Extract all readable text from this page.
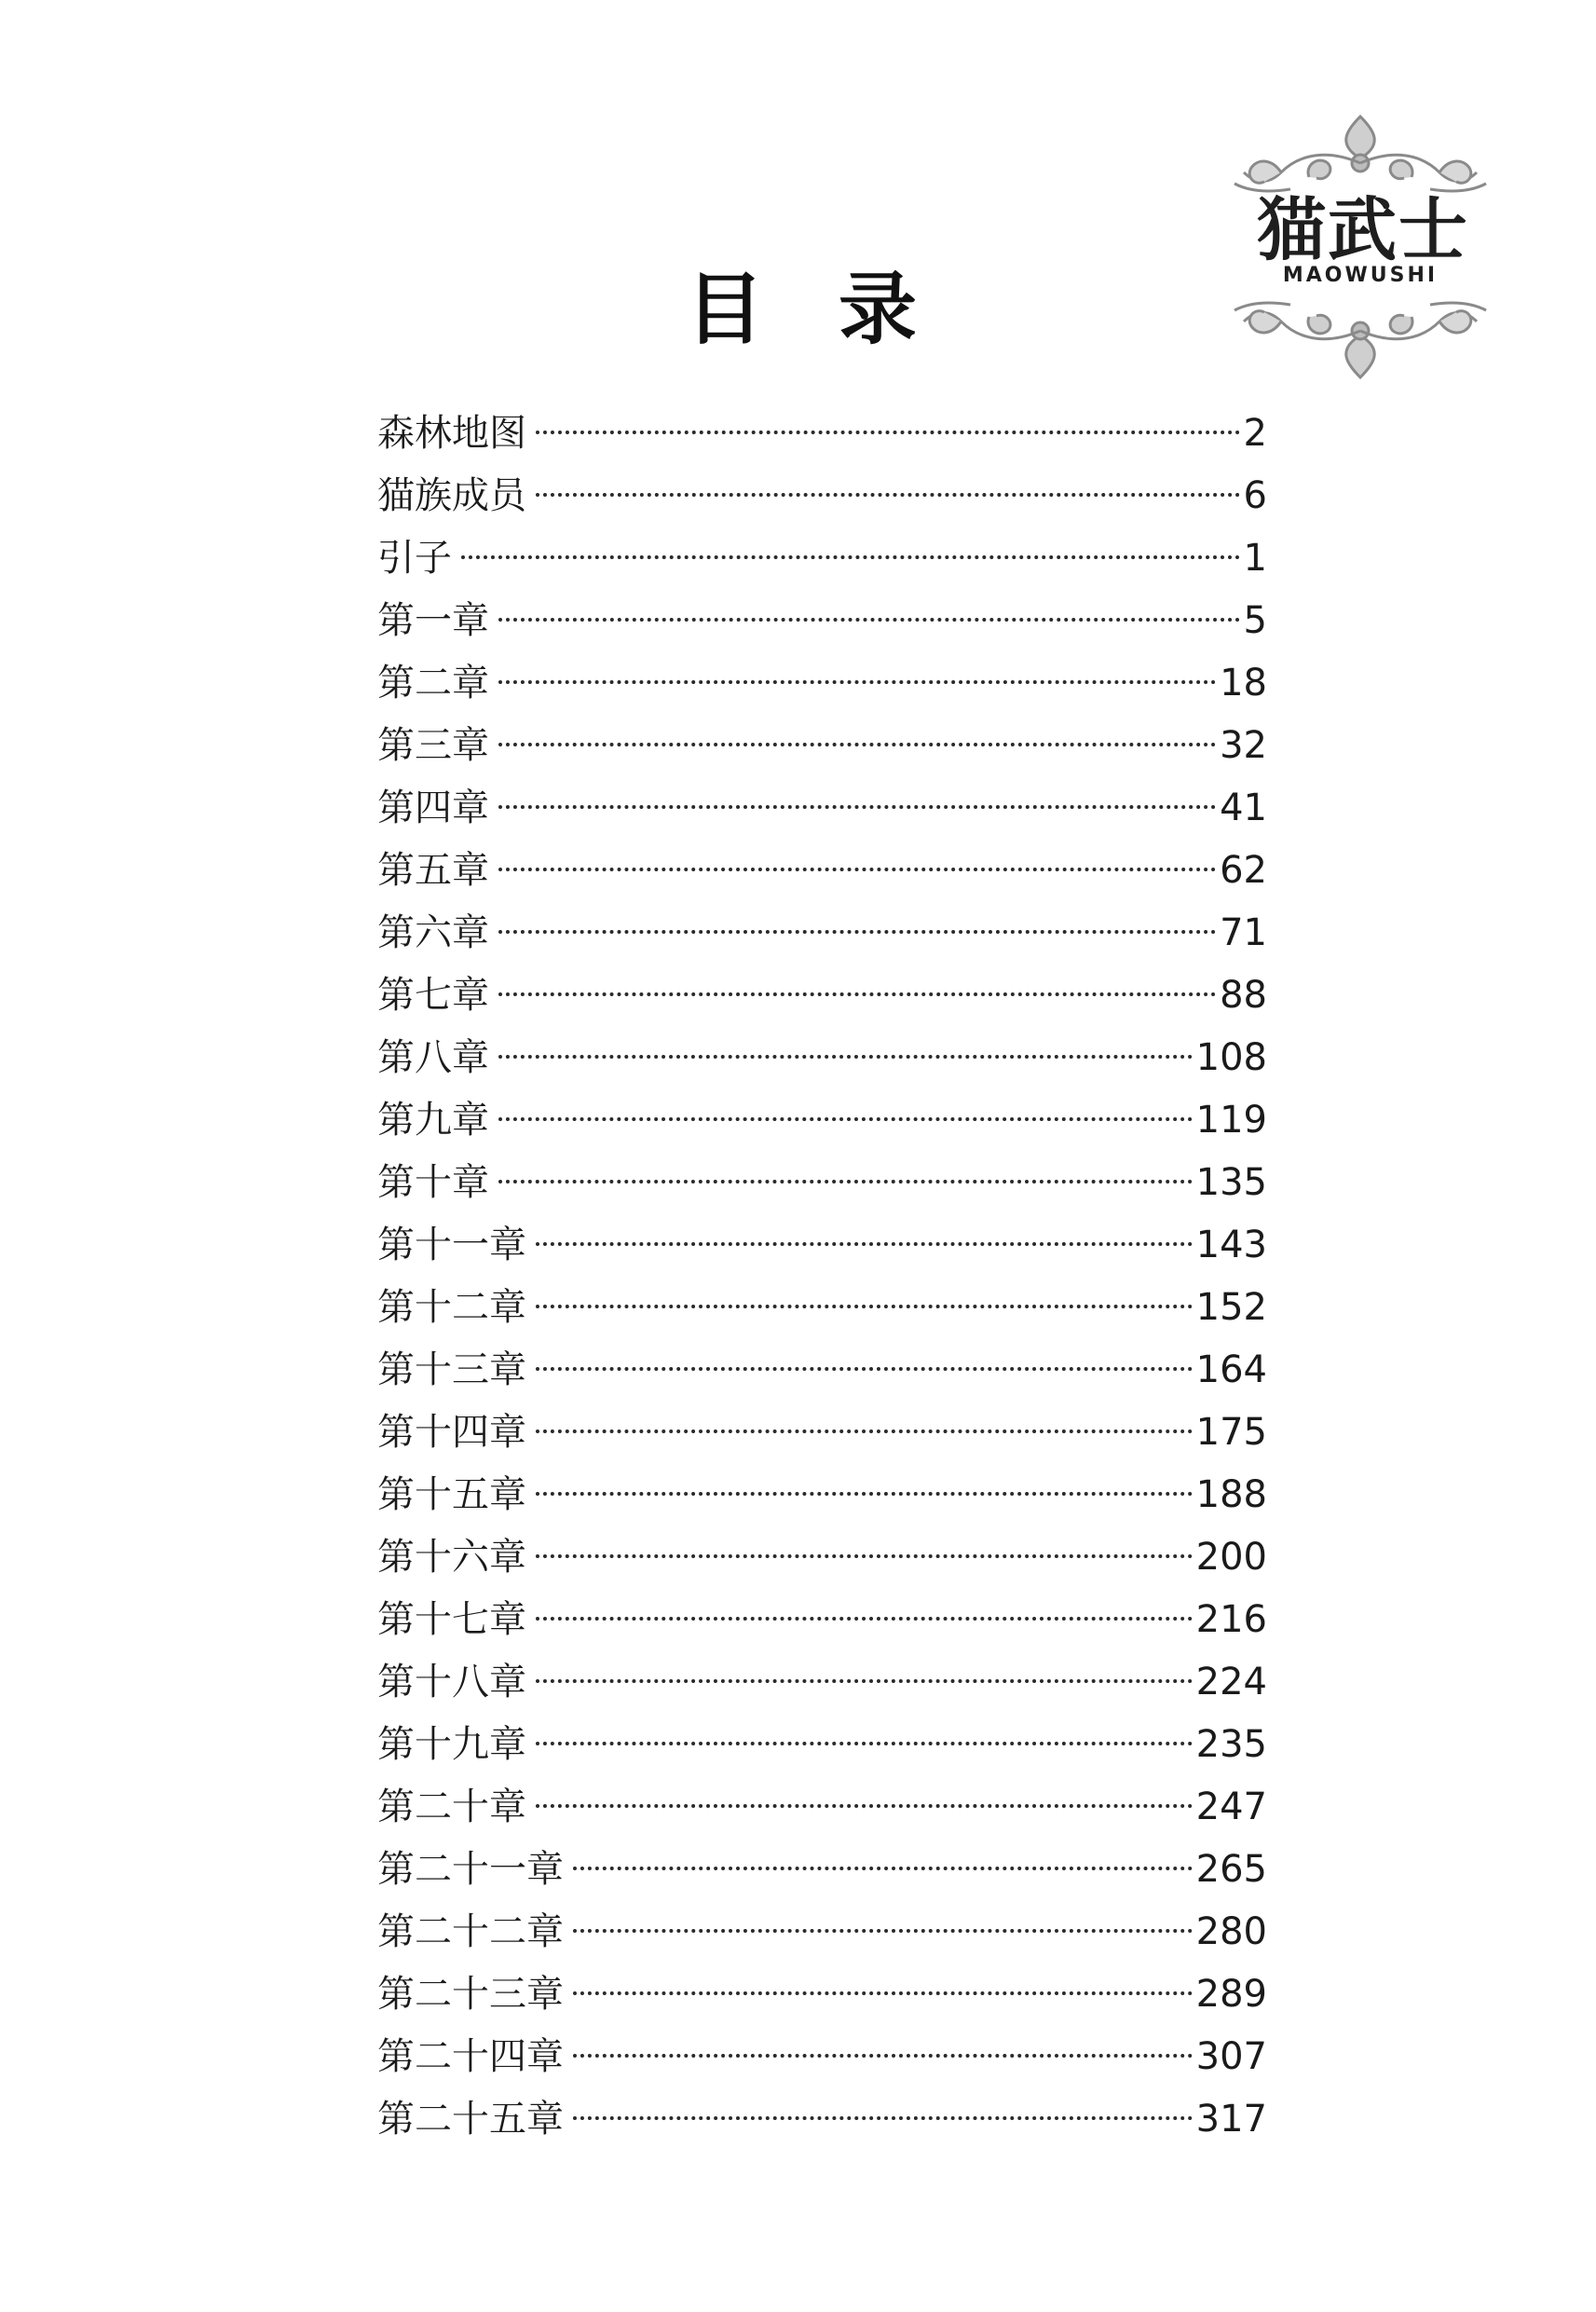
猫武士
MAOWUSHI
目 录
森林地图	2
猫族成员	6
引子	1
第一章	5
第二章	18
第三章	32
第四章	41
第五章	62
第六章	71
第七章	88
第八章	108
第九章	119
第十章	135
第十一章	143
第十二章	152
第十三章	164
第十四章	175
第十五章	188
第十六章	200
第十七章	216
第十八章	224
第十九章	235
第二十章	247
第二十一章	265
第二十二章	280
第二十三章	289
第二十四章	307
第二十五章	317
